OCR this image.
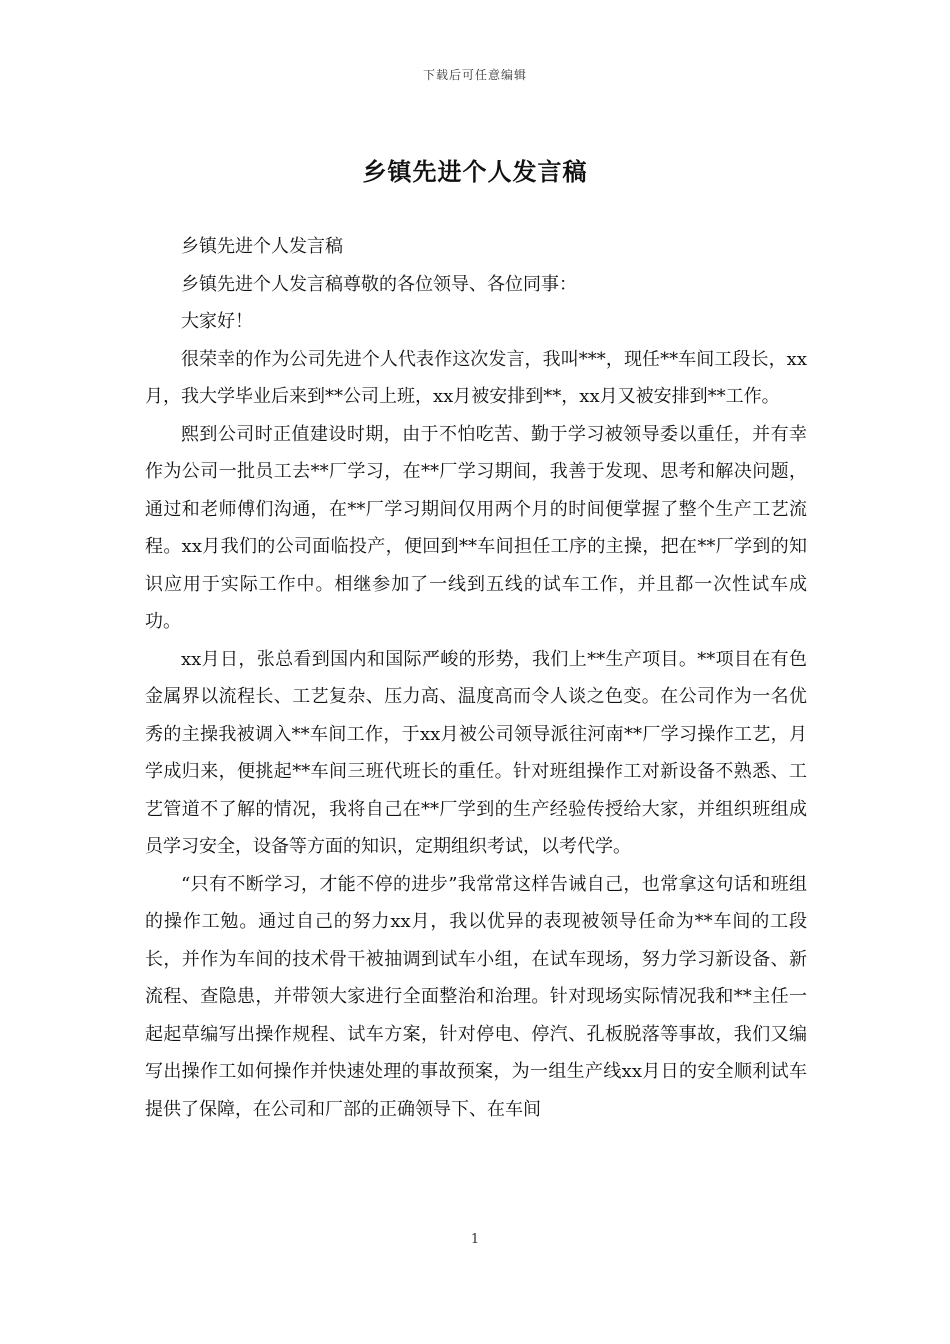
下载后可任意编辑
乡镇先进个人发言稿

乡镇先进个人发言稿

乡镇先进个人发言稿尊敬的各位领导、各位同事：

大家好！

很荣幸的作为公司先进个人代表作这次发言，我叫***，现任**车间工段长，xx月，我大学毕业后来到**公司上班，xx月被安排到**，xx月又被安排到**工作。

熙到公司时正值建设时期，由于不怕吃苦、勤于学习被领导委以重任，并有幸作为公司一批员工去**厂学习，在**厂学习期间，我善于发现、思考和解决问题，通过和老师傅们沟通，在**厂学习期间仅用两个月的时间便掌握了整个生产工艺流程。xx月我们的公司面临投产，便回到**车间担任工序的主操，把在**厂学到的知识应用于实际工作中。相继参加了一线到五线的试车工作，并且都一次性试车成功。

xx月日，张总看到国内和国际严峻的形势，我们上**生产项目。**项目在有色金属界以流程长、工艺复杂、压力高、温度高而令人谈之色变。在公司作为一名优秀的主操我被调入**车间工作，于xx月被公司领导派往河南**厂学习操作工艺，月学成归来，便挑起**车间三班代班长的重任。针对班组操作工对新设备不熟悉、工艺管道不了解的情况，我将自己在**厂学到的生产经验传授给大家，并组织班组成员学习安全，设备等方面的知识，定期组织考试，以考代学。

“只有不断学习，才能不停的进步”我常常这样告诫自己，也常拿这句话和班组的操作工勉。通过自己的努力xx月，我以优异的表现被领导任命为**车间的工段长，并作为车间的技术骨干被抽调到试车小组，在试车现场，努力学习新设备、新流程、查隐患，并带领大家进行全面整治和治理。针对现场实际情况我和**主任一起起草编写出操作规程、试车方案，针对停电、停汽、孔板脱落等事故，我们又编写出操作工如何操作并快速处理的事故预案，为一组生产线xx月日的安全顺利试车提供了保障，在公司和厂部的正确领导下、在车间

1
